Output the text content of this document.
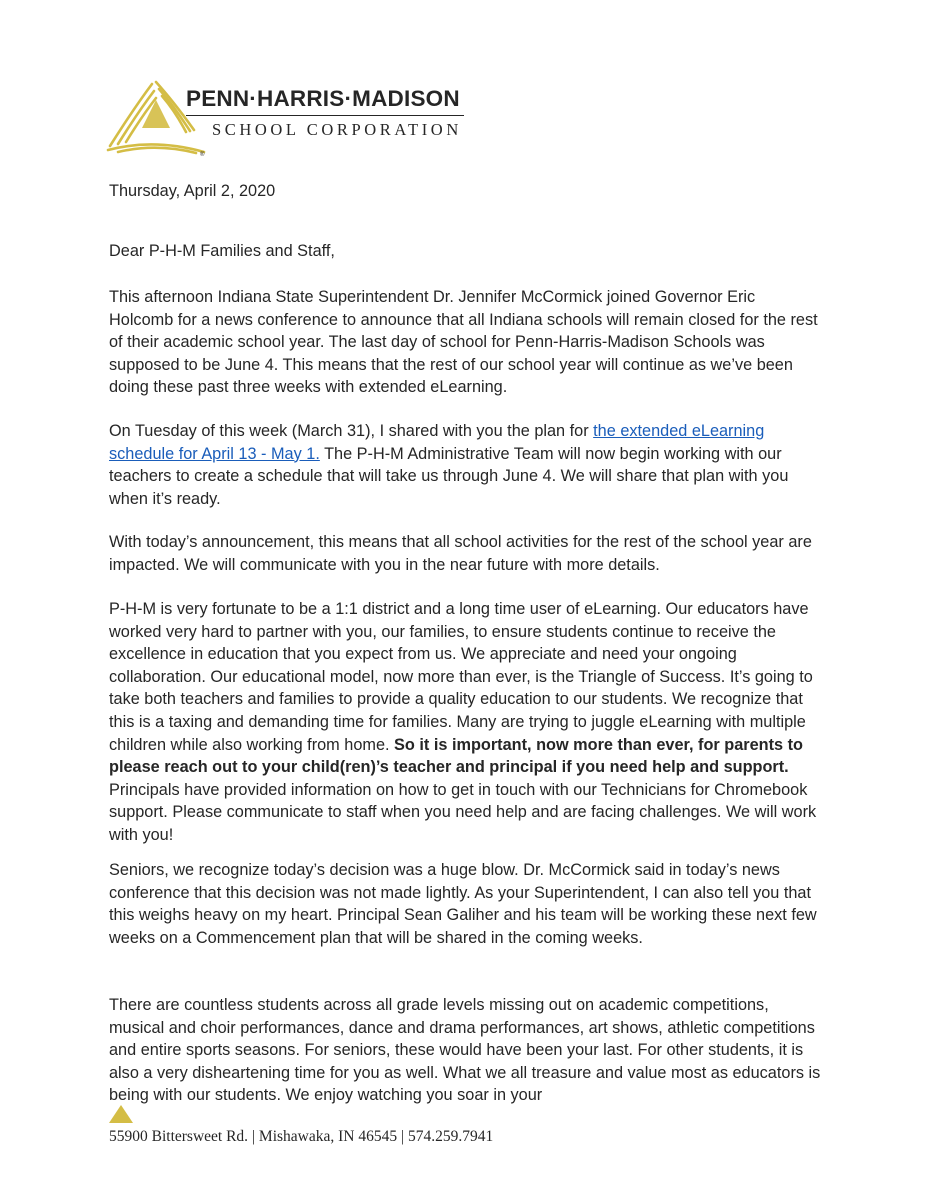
®
PENN·HARRIS·MADISON
SCHOOL CORPORATION

Thursday, April 2, 2020

Dear P-H-M Families and Staff,

This afternoon Indiana State Superintendent Dr. Jennifer McCormick joined Governor Eric Holcomb for a news conference to announce that all Indiana schools will remain closed for the rest of their academic school year. The last day of school for Penn-Harris-Madison Schools was supposed to be June 4. This means that the rest of our school year will continue as we’ve been doing these past three weeks with extended eLearning.

On Tuesday of this week (March 31), I shared with you the plan for the extended eLearning schedule for April 13 - May 1. The P-H-M Administrative Team will now begin working with our teachers to create a schedule that will take us through June 4. We will share that plan with you when it’s ready.

With today’s announcement, this means that all school activities for the rest of the school year are impacted. We will communicate with you in the near future with more details.

P-H-M is very fortunate to be a 1:1 district and a long time user of eLearning. Our educators have worked very hard to partner with you, our families, to ensure students continue to receive the excellence in education that you expect from us. We appreciate and need your ongoing collaboration. Our educational model, now more than ever, is the Triangle of Success. It’s going to take both teachers and families to provide a quality education to our students. We recognize that this is a taxing and demanding time for families. Many are trying to juggle eLearning with multiple children while also working from home. So it is important, now more than ever, for parents to please reach out to your child(ren)’s teacher and principal if you need help and support. Principals have provided information on how to get in touch with our Technicians for Chromebook support. Please communicate to staff when you need help and are facing challenges. We will work with you!

Seniors, we recognize today’s decision was a huge blow. Dr. McCormick said in today’s news conference that this decision was not made lightly. As your Superintendent, I can also tell you that this weighs heavy on my heart. Principal Sean Galiher and his team will be working these next few weeks on a Commencement plan that will be shared in the coming weeks.

There are countless students across all grade levels missing out on academic competitions, musical and choir performances, dance and drama performances, art shows, athletic competitions and entire sports seasons. For seniors, these would have been your last. For other students, it is also a very disheartening time for you as well. What we all treasure and value most as educators is being with our students. We enjoy watching you soar in your

55900 Bittersweet Rd. | Mishawaka, IN 46545 | 574.259.7941
